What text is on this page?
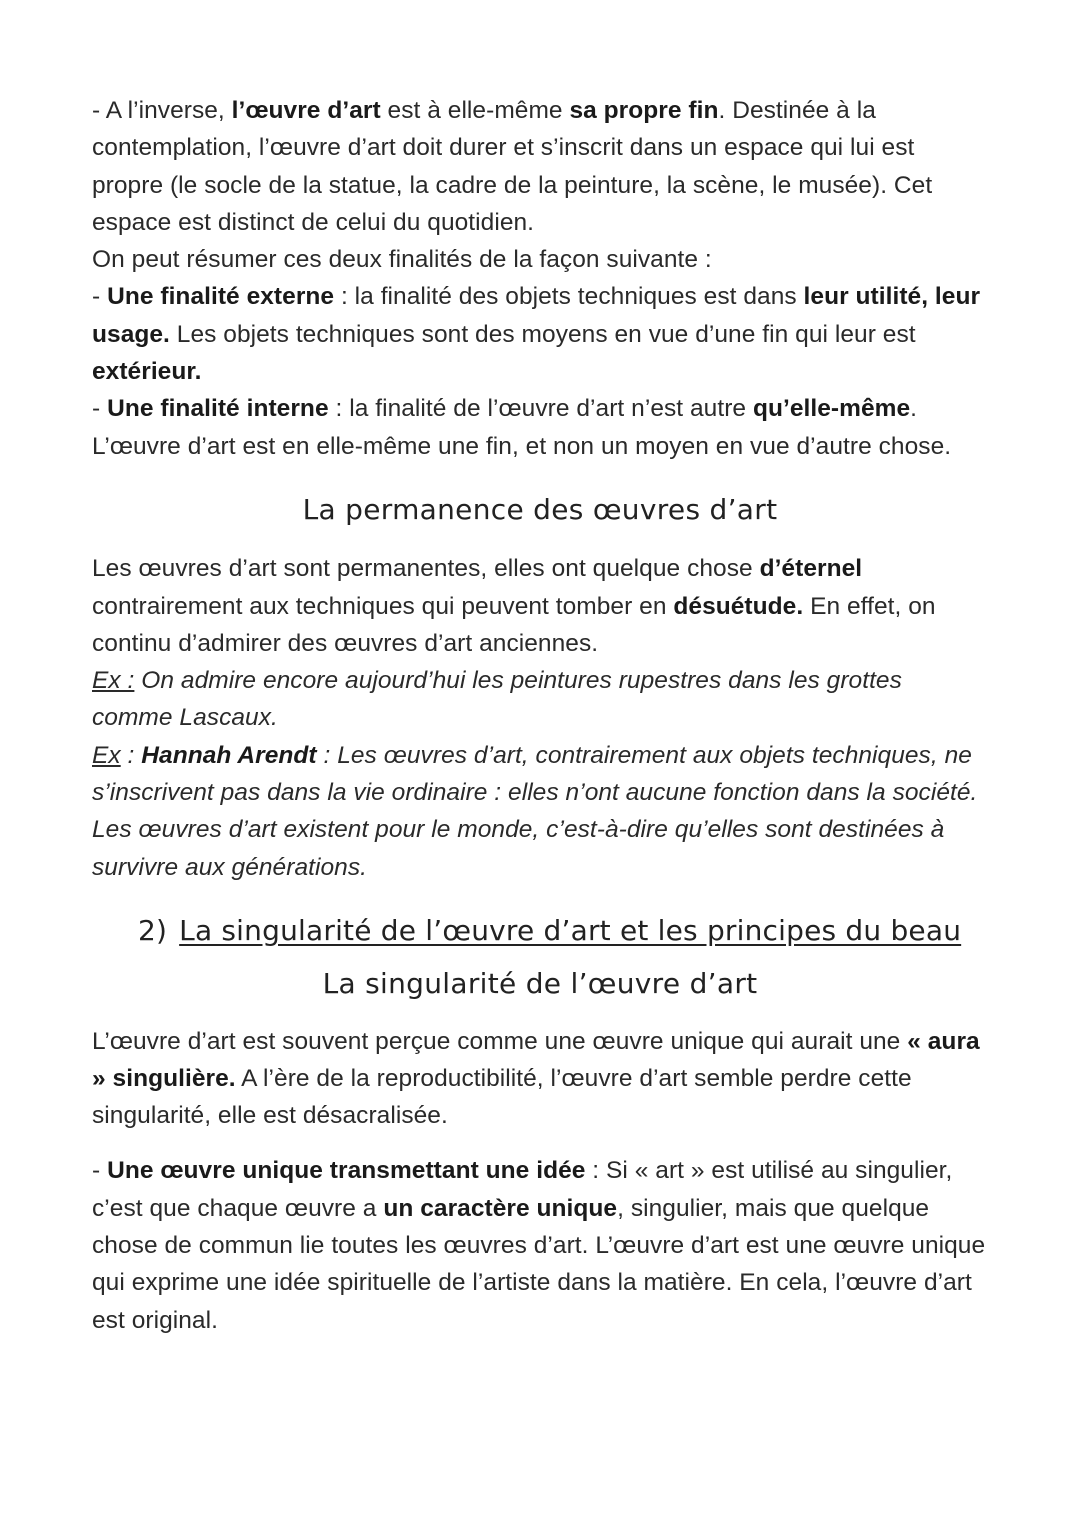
- A l’inverse, l’œuvre d’art est à elle-même sa propre fin. Destinée à la contemplation, l’œuvre d’art doit durer et s’inscrit dans un espace qui lui est propre (le socle de la statue, la cadre de la peinture, la scène, le musée). Cet espace est distinct de celui du quotidien.

On peut résumer ces deux finalités de la façon suivante :

- Une finalité externe : la finalité des objets techniques est dans leur utilité, leur usage. Les objets techniques sont des moyens en vue d’une fin qui leur est extérieur.

- Une finalité interne : la finalité de l’œuvre d’art n’est autre qu’elle-même. L’œuvre d’art est en elle-même une fin, et non un moyen en vue d’autre chose.

La permanence des œuvres d’art

Les œuvres d’art sont permanentes, elles ont quelque chose d’éternel contrairement aux techniques qui peuvent tomber en désuétude. En effet, on continu d’admirer des œuvres d’art anciennes.

Ex : On admire encore aujourd’hui les peintures rupestres dans les grottes comme Lascaux.

Ex : Hannah Arendt : Les œuvres d’art, contrairement aux objets techniques, ne s’inscrivent pas dans la vie ordinaire : elles n’ont aucune fonction dans la société. Les œuvres d’art existent pour le monde, c’est-à-dire qu’elles sont destinées à survivre aux générations.

2) La singularité de l’œuvre d’art et les principes du beau

La singularité de l’œuvre d’art

L’œuvre d’art est souvent perçue comme une œuvre unique qui aurait une « aura » singulière. A l’ère de la reproductibilité, l’œuvre d’art semble perdre cette singularité, elle est désacralisée.

- Une œuvre unique transmettant une idée : Si « art » est utilisé au singulier, c’est que chaque œuvre a un caractère unique, singulier, mais que quelque chose de commun lie toutes les œuvres d’art. L’œuvre d’art est une œuvre unique qui exprime une idée spirituelle de l’artiste dans la matière. En cela, l’œuvre d’art est original.
